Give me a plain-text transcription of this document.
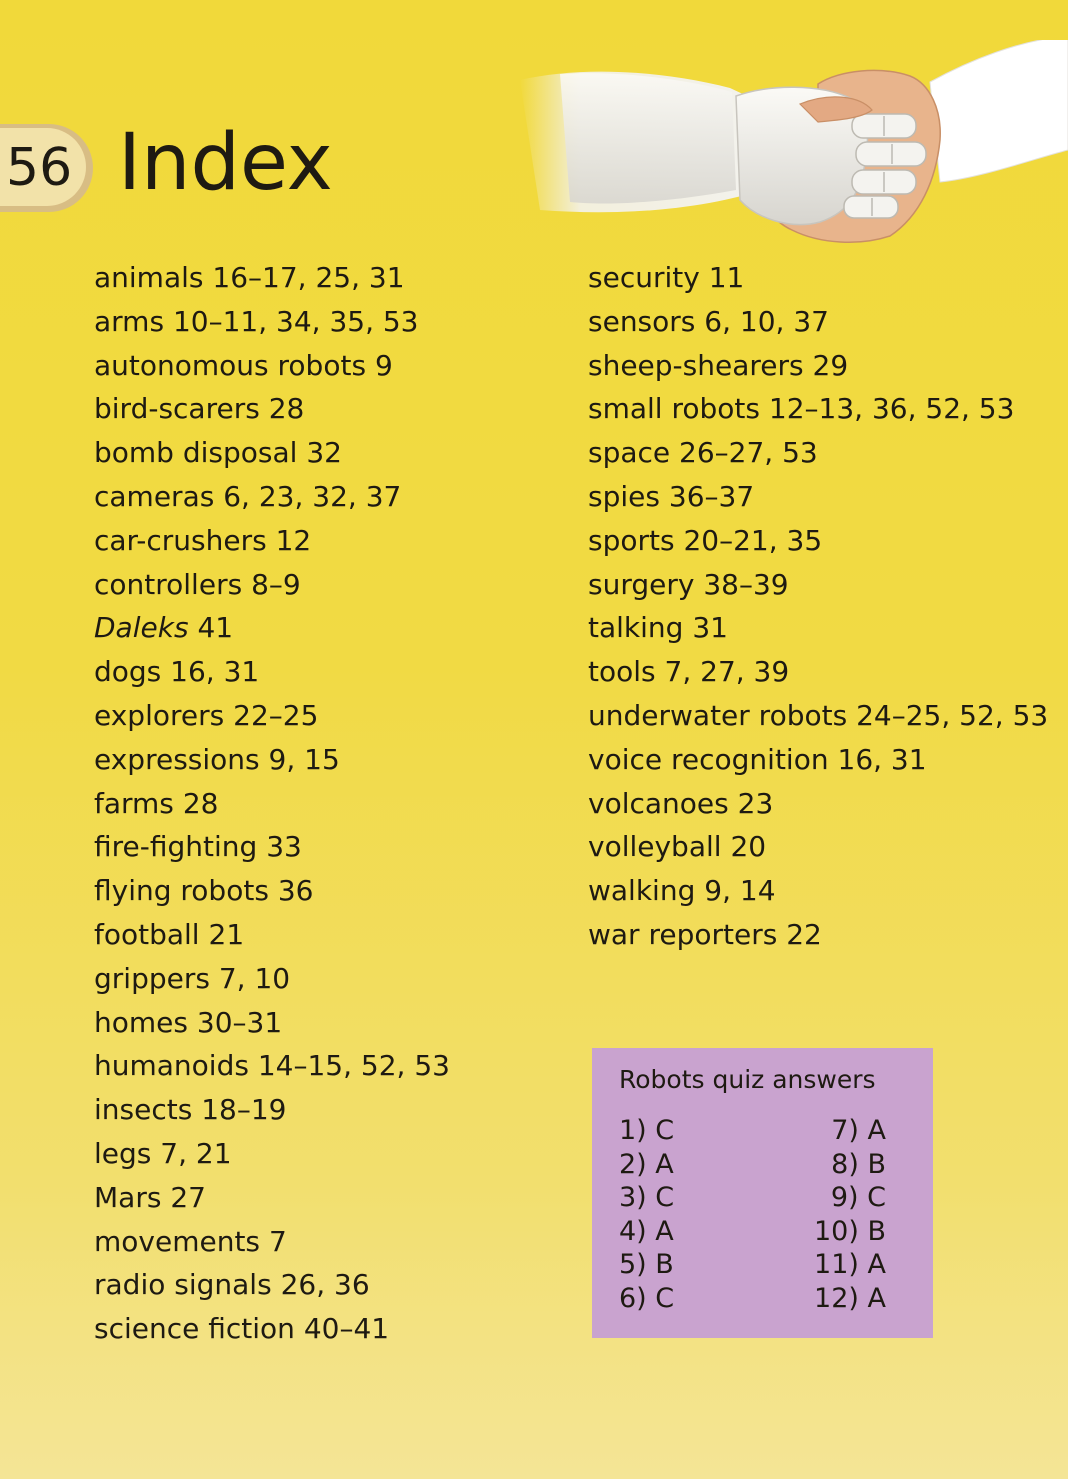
56 Index
animals 16–17, 25, 31
arms 10–11, 34, 35, 53
autonomous robots 9
bird-scarers 28
bomb disposal 32
cameras 6, 23, 32, 37
car-crushers 12
controllers 8–9
Daleks 41
dogs 16, 31
explorers 22–25
expressions 9, 15
farms 28
fire-fighting 33
flying robots 36
football 21
grippers 7, 10
homes 30–31
humanoids 14–15, 52, 53
insects 18–19
legs 7, 21
Mars 27
movements 7
radio signals 26, 36
science fiction 40–41
security 11
sensors 6, 10, 37
sheep-shearers 29
small robots 12–13, 36, 52, 53
space 26–27, 53
spies 36–37
sports 20–21, 35
surgery 38–39
talking 31
tools 7, 27, 39
underwater robots 24–25, 52, 53
voice recognition 16, 31
volcanoes 23
volleyball 20
walking 9, 14
war reporters 22
Robots quiz answers
1) C
2) A
3) C
4) A
5) B
6) C
7) A
8) B
9) C
10) B
11) A
12) A
